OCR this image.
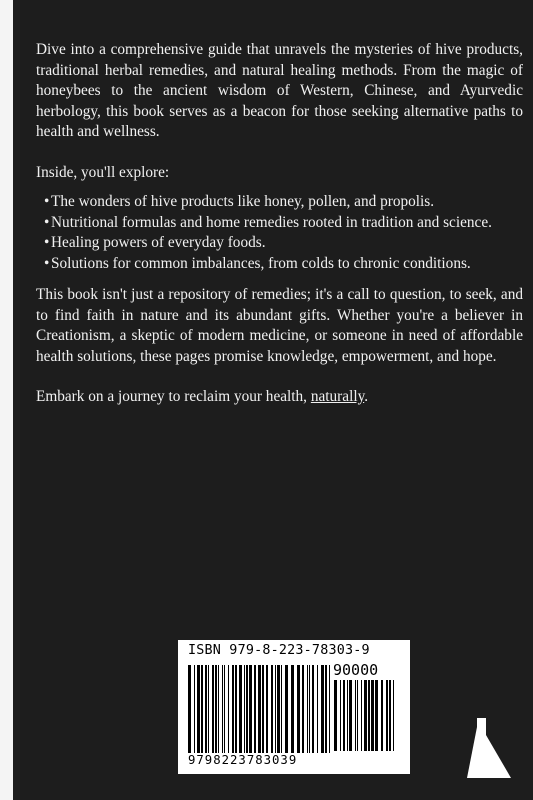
Dive into a comprehensive guide that unravels the mysteries of hive products, traditional herbal remedies, and natural healing methods. From the magic of honeybees to the ancient wisdom of Western, Chinese, and Ayurvedic herbology, this book serves as a beacon for those seeking alternative paths to health and wellness.

Inside, you'll explore:

• The wonders of hive products like honey, pollen, and propolis.
• Nutritional formulas and home remedies rooted in tradition and science.
• Healing powers of everyday foods.
• Solutions for common imbalances, from colds to chronic conditions.

This book isn't just a repository of remedies; it's a call to question, to seek, and to find faith in nature and its abundant gifts. Whether you're a believer in Creationism, a skeptic of modern medicine, or someone in need of affordable health solutions, these pages promise knowledge, empowerment, and hope.

Embark on a journey to reclaim your health, naturally.

ISBN 979-8-223-78303-9
90000
9798223783039
